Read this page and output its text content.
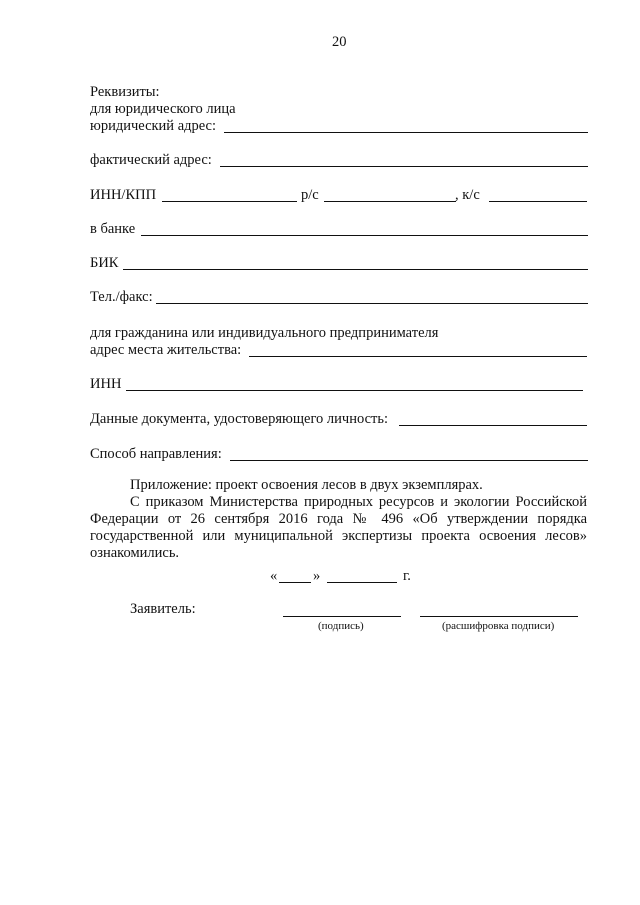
20
Реквизиты:
для юридического лица
юридический адрес:
фактический адрес:
ИНН/КПП	р/с	, к/с
в банке
БИК
Тел./факс:
для гражданина или индивидуального предпринимателя
адрес места жительства:
ИНН
Данные документа, удостоверяющего личность:
Способ направления:
Приложение: проект освоения лесов в двух экземплярах.
С приказом Министерства природных ресурсов и экологии Российской
Федерации от 26 сентября 2016 года № 496 «Об утверждении порядка
государственной или муниципальной экспертизы проекта освоения лесов»
ознакомились.
« »	г.
Заявитель:
(подпись)	(расшифровка подписи)
